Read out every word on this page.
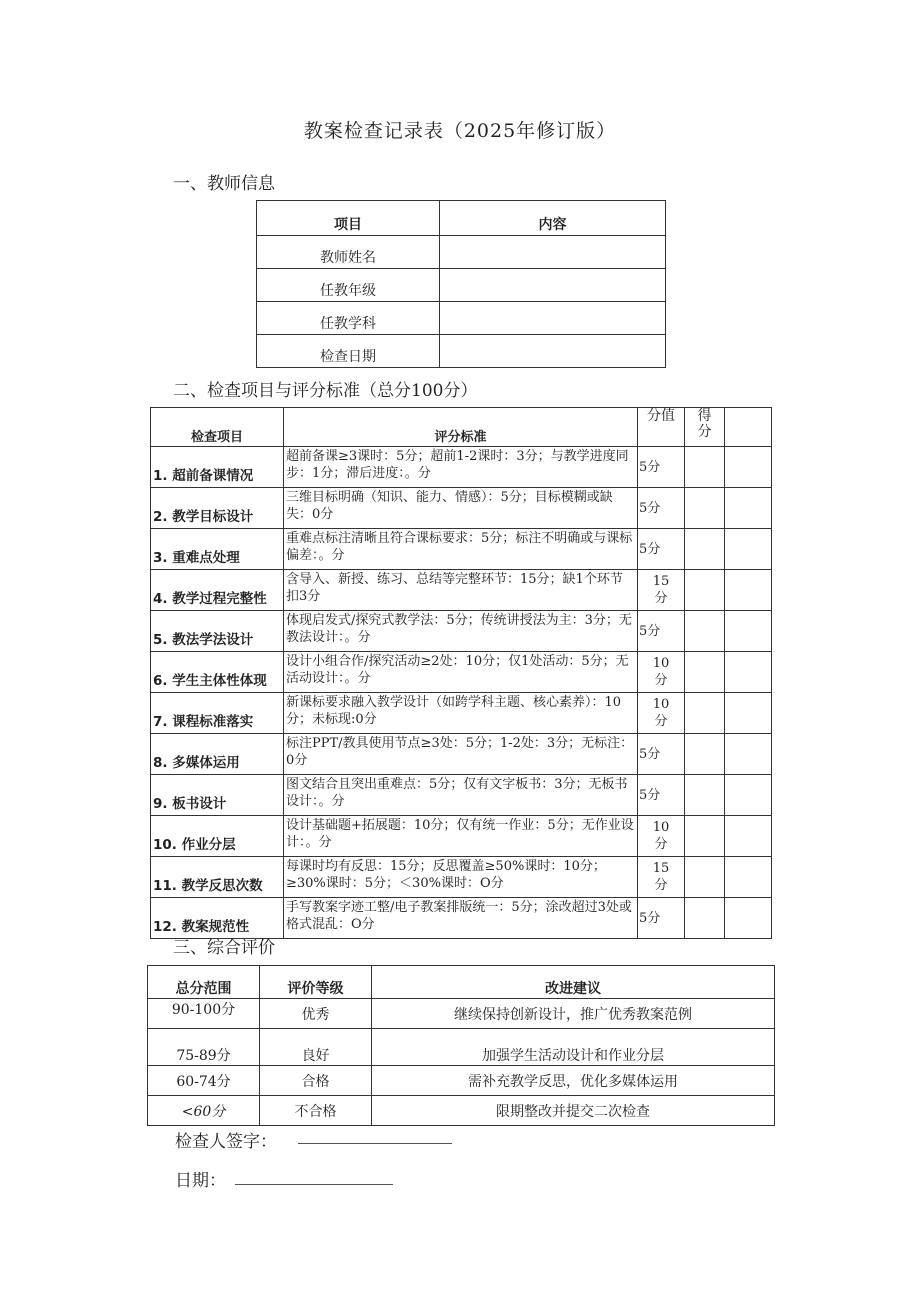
教案检查记录表（2025年修订版）
一、教师信息
项目	内容
教师姓名	
任教年级	
任教学科	
检查日期	
二、检查项目与评分标准（总分100分）
检查项目	评分标准	分值	得分	
1. 超前备课情况	超前备课≥3课时：5分；超前1-2课时：3分；与教学进度同步：1分；滞后进度：。分	5分		
2. 教学目标设计	三维目标明确（知识、能力、情感）：5分；目标模糊或缺失：0分	5分		
3. 重难点处理	重难点标注清晰且符合课标要求：5分；标注不明确或与课标偏差：。分	5分		
4. 教学过程完整性	含导入、新授、练习、总结等完整环节：15分；缺1个环节扣3分	15分		
5. 教法学法设计	体现启发式/探究式教学法：5分；传统讲授法为主：3分；无教法设计：。分	5分		
6. 学生主体性体现	设计小组合作/探究活动≥2处：10分；仅1处活动：5分；无活动设计：。分	10分		
7. 课程标准落实	新课标要求融入教学设计（如跨学科主题、核心素养）：10分；未标现:0分	10分		
8. 多媒体运用	标注PPT/教具使用节点≥3处：5分；1-2处：3分；无标注：0分	5分		
9. 板书设计	图文结合且突出重难点：5分；仅有文字板书：3分；无板书设计：。分	5分		
10. 作业分层	设计基础题+拓展题：10分；仅有统一作业：5分；无作业设计：。分	10分		
11. 教学反思次数	每课时均有反思：15分；反思覆盖≥50%课时：10分；≥30%课时：5分；＜30%课时：O分	15分		
12. 教案规范性	手写教案字迹工整/电子教案排版统一：5分；涂改超过3处或格式混乱：O分	5分		
三、综合评价
总分范围	评价等级	改进建议
90-100分	优秀	继续保持创新设计，推广优秀教案范例
75-89分	良好	加强学生活动设计和作业分层
60-74分	合格	需补充教学反思，优化多媒体运用
<60分	不合格	限期整改并提交二次检查
检查人签字：
日期：
